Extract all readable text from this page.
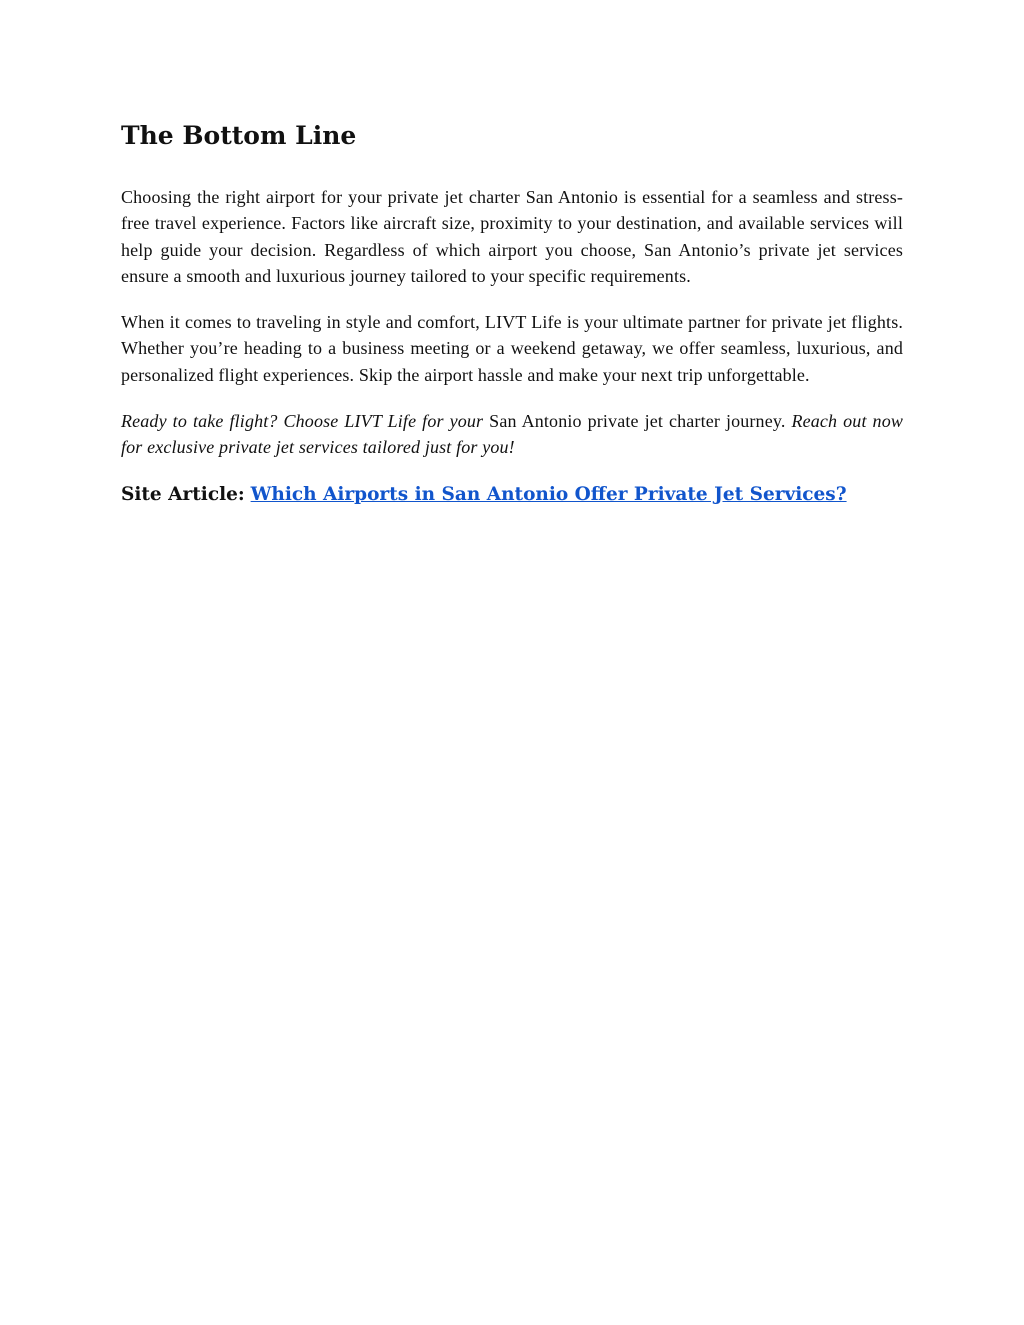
The Bottom Line

Choosing the right airport for your private jet charter San Antonio is essential for a seamless and stress-free travel experience. Factors like aircraft size, proximity to your destination, and available services will help guide your decision. Regardless of which airport you choose, San Antonio’s private jet services ensure a smooth and luxurious journey tailored to your specific requirements.

When it comes to traveling in style and comfort, LIVT Life is your ultimate partner for private jet flights. Whether you’re heading to a business meeting or a weekend getaway, we offer seamless, luxurious, and personalized flight experiences. Skip the airport hassle and make your next trip unforgettable.

Ready to take flight? Choose LIVT Life for your San Antonio private jet charter journey. Reach out now for exclusive private jet services tailored just for you!

Site Article: Which Airports in San Antonio Offer Private Jet Services?
